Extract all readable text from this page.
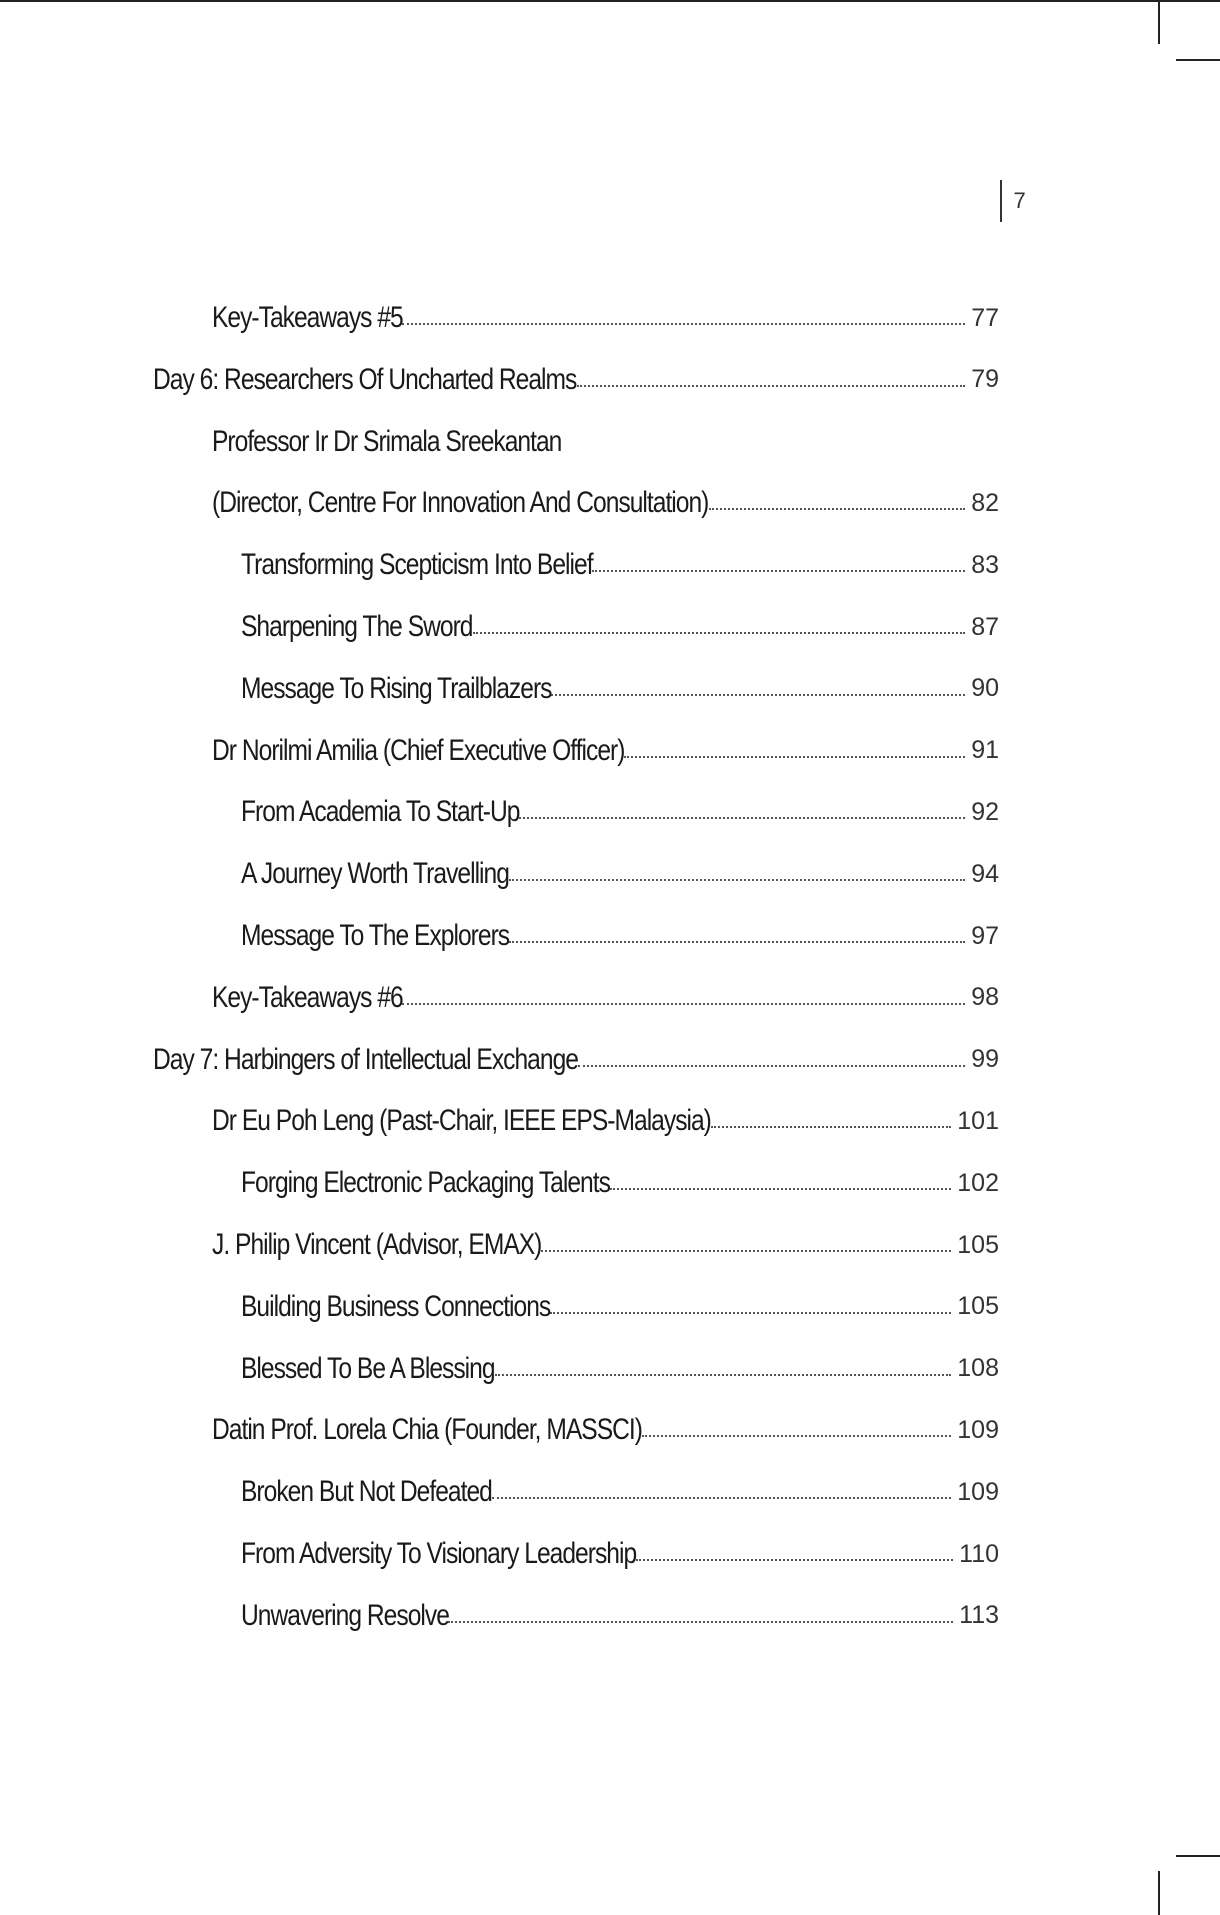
7
Key-Takeaways #5	77
Day 6: Researchers Of Uncharted Realms	79
Professor Ir Dr Srimala Sreekantan
(Director, Centre For Innovation And Consultation)	82
Transforming Scepticism Into Belief	83
Sharpening The Sword	87
Message To Rising Trailblazers	90
Dr Norilmi Amilia (Chief Executive Officer)	91
From Academia To Start-Up	92
A Journey Worth Travelling	94
Message To The Explorers	97
Key-Takeaways #6	98
Day 7: Harbingers of Intellectual Exchange	99
Dr Eu Poh Leng (Past-Chair, IEEE EPS-Malaysia)	101
Forging Electronic Packaging Talents	102
J. Philip Vincent (Advisor, EMAX)	105
Building Business Connections	105
Blessed To Be A Blessing	108
Datin Prof. Lorela Chia (Founder, MASSCI)	109
Broken But Not Defeated	109
From Adversity To Visionary Leadership	110
Unwavering Resolve	113
